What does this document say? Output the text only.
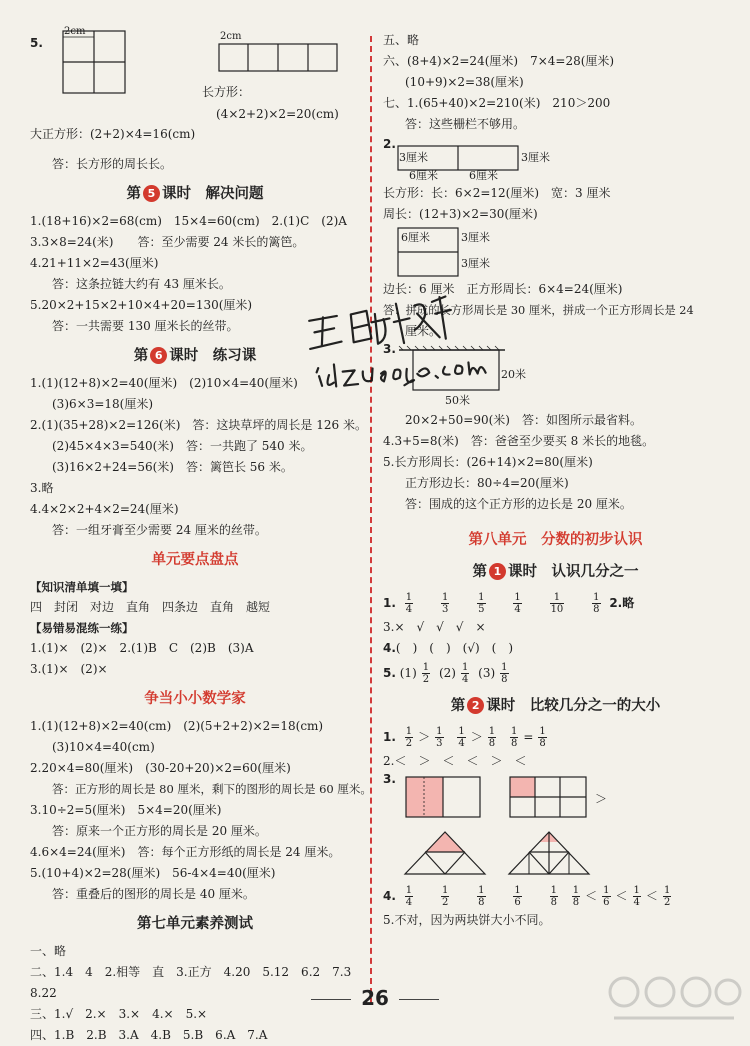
5.
2cm	2cm
长方形：
(4×2+2)×2=20(cm)
大正方形：(2+2)×4=16(cm)
答：长方形的周长长。
第 5 课时　解决问题
1.(18+16)×2=68(cm)　15×4=60(cm)　2.(1)C　(2)A
3.3×8=24(米)　　答：至少需要 24 米长的篱笆。
4.21+11×2=43(厘米)
答：这条拉链大约有 43 厘米长。
5.20×2+15×2+10×4+20=130(厘米)
答：一共需要 130 厘米长的丝带。
第 6 课时　练习课
1.(1)(12+8)×2=40(厘米)　(2)10×4=40(厘米)
(3)6×3=18(厘米)
2.(1)(35+28)×2=126(米)　答：这块草坪的周长是 126 米。
(2)45×4×3=540(米)　答：一共跑了 540 米。
(3)16×2+24=56(米)　答：篱笆长 56 米。
3.略
4.4×2×2+4×2=24(厘米)
答：一组牙膏至少需要 24 厘米的丝带。
单元要点盘点
【知识清单填一填】
四　封闭　对边　直角　四条边　直角　越短
【易错易混练一练】
1.(1)×　(2)×　2.(1)B　C　(2)B　(3)A
3.(1)×　(2)×
争当小小数学家
1.(1)(12+8)×2=40(cm)　(2)(5+2+2)×2=18(cm)
(3)10×4=40(cm)
2.20×4=80(厘米)　(30-20+20)×2=60(厘米)
答：正方形的周长是 80 厘米，剩下的图形的周长是 60 厘米。
3.10÷2=5(厘米)　5×4=20(厘米)
答：原来一个正方形的周长是 20 厘米。
4.6×4=24(厘米)　答：每个正方形纸的周长是 24 厘米。
5.(10+4)×2=28(厘米)　56-4×4=40(厘米)
答：重叠后的图形的周长是 40 厘米。
第七单元素养测试
一、略
二、1.4　4　2.相等　直　3.正方　4.20　5.12　6.2　7.3
8.22
三、1.√　2.×　3.×　4.×　5.×
四、1.B　2.B　3.A　4.B　5.B　6.A　7.A
五、略
六、(8+4)×2=24(厘米)　7×4=28(厘米)
(10+9)×2=38(厘米)
七、1.(65+40)×2=210(米)　210＞200
答：这些栅栏不够用。
2.
3厘米	3厘米
6厘米	6厘米
长方形：长：6×2=12(厘米)　宽：3 厘米
周长：(12+3)×2=30(厘米)
6厘米	3厘米
3厘米
边长：6 厘米　正方形周长：6×4=24(厘米)
答：拼成的长方形周长是 30 厘米，拼成一个正方形周长是 24
厘米。
3.
20米
50米
20×2+50=90(米)　答：如图所示最省料。
4.3+5=8(米)　答：爸爸至少要买 8 米长的地毯。
5.长方形周长：(26+14)×2=80(厘米)
正方形边长：80÷4=20(厘米)
答：围成的这个正方形的边长是 20 厘米。
第八单元　分数的初步认识
第 1 课时　认识几分之一
1. $\frac{1}{4}$
	$\frac{1}{3}$
	$\frac{1}{5}$
	$\frac{1}{4}$
	$\frac{1}{10}$
	$\frac{1}{8} 2$.略
3.×　√　√　√　×
4.(　)　(　)　(√)　(　)
5. $(1) \frac{1}{2} (2) \frac{1}{4} (3) \frac{1}{8}$
第 2 课时　比较几分之一的大小
1. $\frac{1}{2} > \frac{1}{3}$
$\frac{1}{4} > \frac{1}{8}$
$\frac{1}{8} = \frac{1}{8}$
2.＜　＞　＜　＜　＞　＜
3.
＞
4. $\frac{1}{4}$
	$\frac{1}{2}$
	$\frac{1}{8}$
	$\frac{1}{6}$
	$\frac{1}{8}$
$\frac{1}{8} < \frac{1}{6} < \frac{1}{4} < \frac{1}{2}$
5.不对，因为两块饼大小不同。
26
